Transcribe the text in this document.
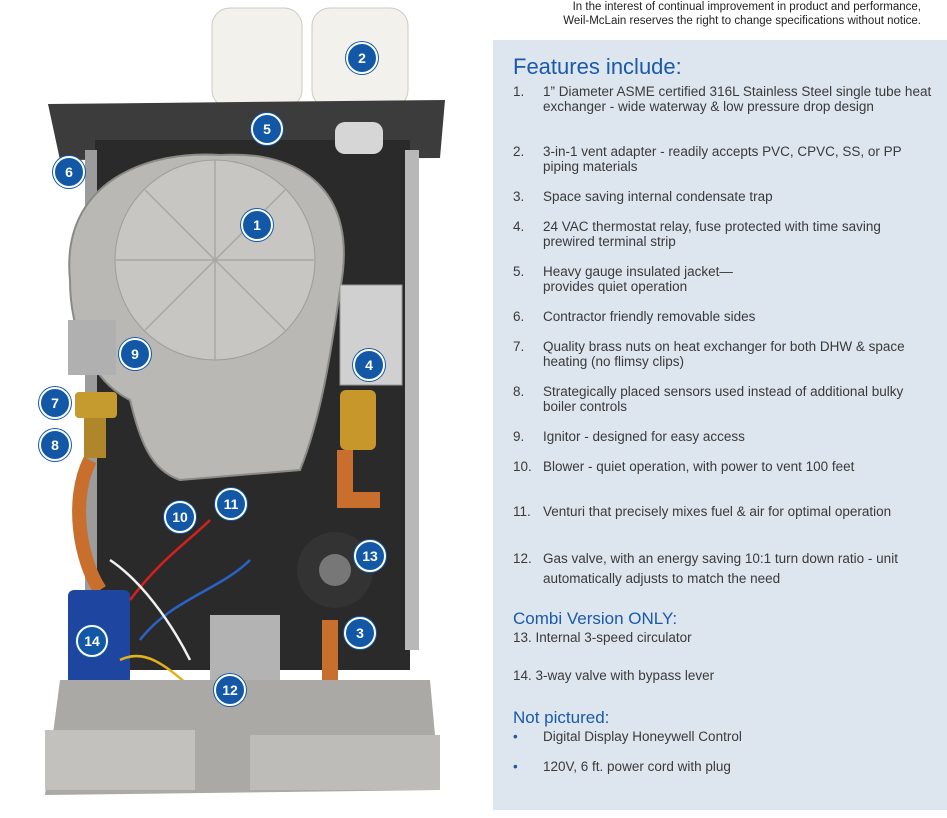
In the interest of continual improvement in product and performance,
Weil-McLain reserves the right to change specifications without notice.
1
2
3
4
5
6
7
8
9
10
11
12
13
14
Features include:
1.	1” Diameter ASME certified 316L Stainless Steel single tube heat exchanger - wide waterway & low pressure drop design
2.	3-in-1 vent adapter - readily accepts PVC, CPVC, SS, or PP piping materials
3.	Space saving internal condensate trap
4.	24 VAC thermostat relay, fuse protected with time saving prewired terminal strip
5.	Heavy gauge insulated jacket— provides quiet operation
6.	Contractor friendly removable sides
7.	Quality brass nuts on heat exchanger for both DHW & space heating (no flimsy clips)
8.	Strategically placed sensors used instead of additional bulky boiler controls
9.	Ignitor - designed for easy access
10. Blower - quiet operation, with power to vent 100 feet
11. Venturi that precisely mixes fuel & air for optimal operation
12. Gas valve, with an energy saving 10:1 turn down ratio - unit automatically adjusts to match the need
Combi Version ONLY:
13. Internal 3-speed circulator
14. 3-way valve with bypass lever
Not pictured:
•	Digital Display Honeywell Control
•	120V, 6 ft. power cord with plug
